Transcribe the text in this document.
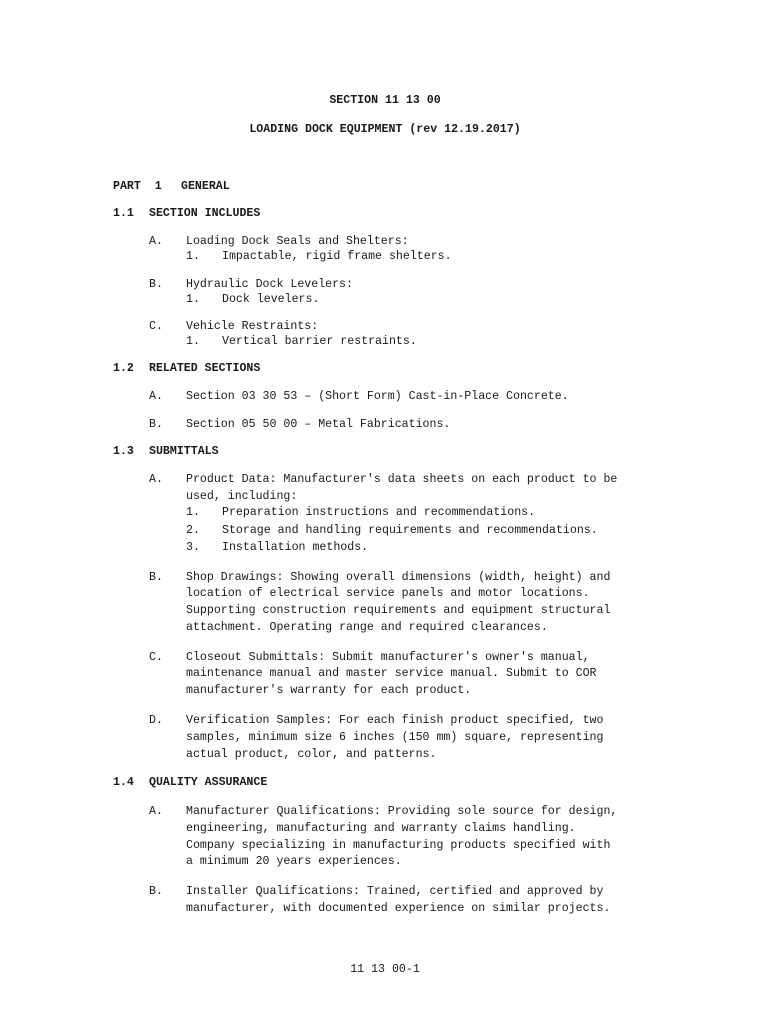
SECTION 11 13 00
LOADING DOCK EQUIPMENT (rev 12.19.2017)
PART  1 GENERAL
1.1 SECTION INCLUDES
A. Loading Dock Seals and Shelters:
1. Impactable, rigid frame shelters.
B. Hydraulic Dock Levelers:
1. Dock levelers.
C. Vehicle Restraints:
1. Vertical barrier restraints.
1.2 RELATED SECTIONS
A. Section 03 30 53 – (Short Form) Cast-in-Place Concrete.
B. Section 05 50 00 – Metal Fabrications.
1.3 SUBMITTALS
A. Product Data: Manufacturer's data sheets on each product to be
used, including:
1. Preparation instructions and recommendations.
2. Storage and handling requirements and recommendations.
3. Installation methods.
B. Shop Drawings: Showing overall dimensions (width, height) and
location of electrical service panels and motor locations.
Supporting construction requirements and equipment structural
attachment. Operating range and required clearances.
C. Closeout Submittals: Submit manufacturer's owner's manual,
maintenance manual and master service manual. Submit to COR
manufacturer's warranty for each product.
D. Verification Samples: For each finish product specified, two
samples, minimum size 6 inches (150 mm) square, representing
actual product, color, and patterns.
1.4 QUALITY ASSURANCE
A. Manufacturer Qualifications: Providing sole source for design,
engineering, manufacturing and warranty claims handling.
Company specializing in manufacturing products specified with
a minimum 20 years experiences.
B. Installer Qualifications: Trained, certified and approved by
manufacturer, with documented experience on similar projects.
11 13 00-1
